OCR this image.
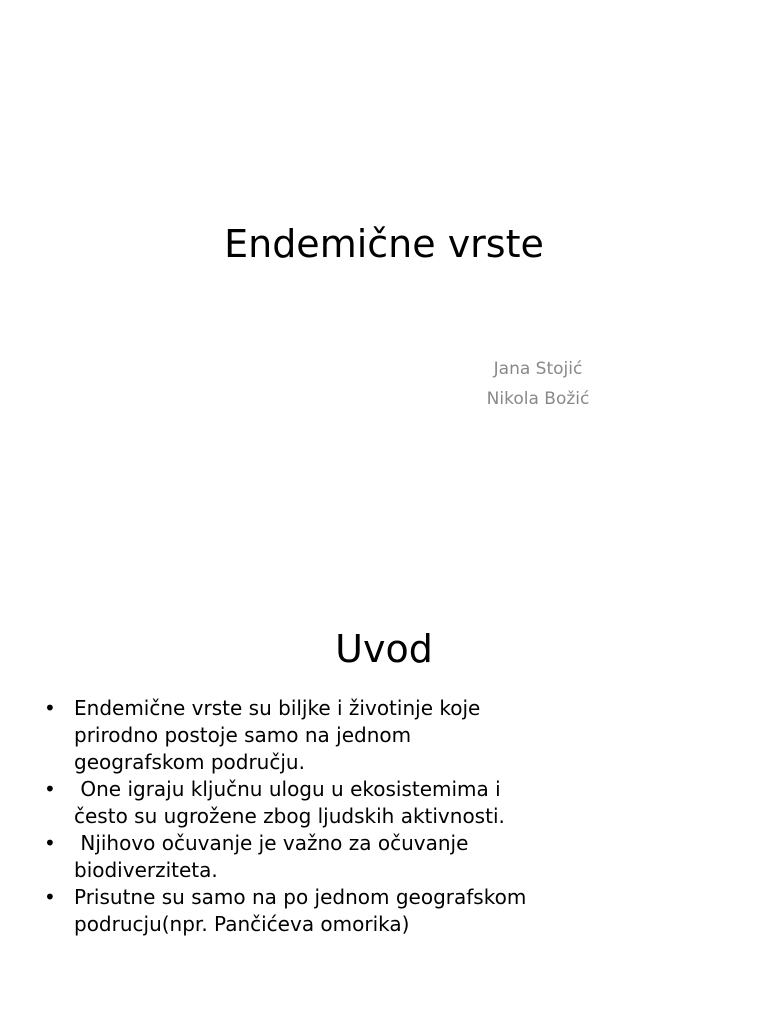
Endemične vrste
Jana Stojić
Nikola Božić
Uvod
• Endemične vrste su biljke i životinje koje prirodno postoje samo na jednom geografskom području.
• One igraju ključnu ulogu u ekosistemima i često su ugrožene zbog ljudskih aktivnosti.
• Njihovo očuvanje je važno za očuvanje biodiverziteta.
• Prisutne su samo na po jednom geografskom podrucju(npr. Pančićeva omorika)
